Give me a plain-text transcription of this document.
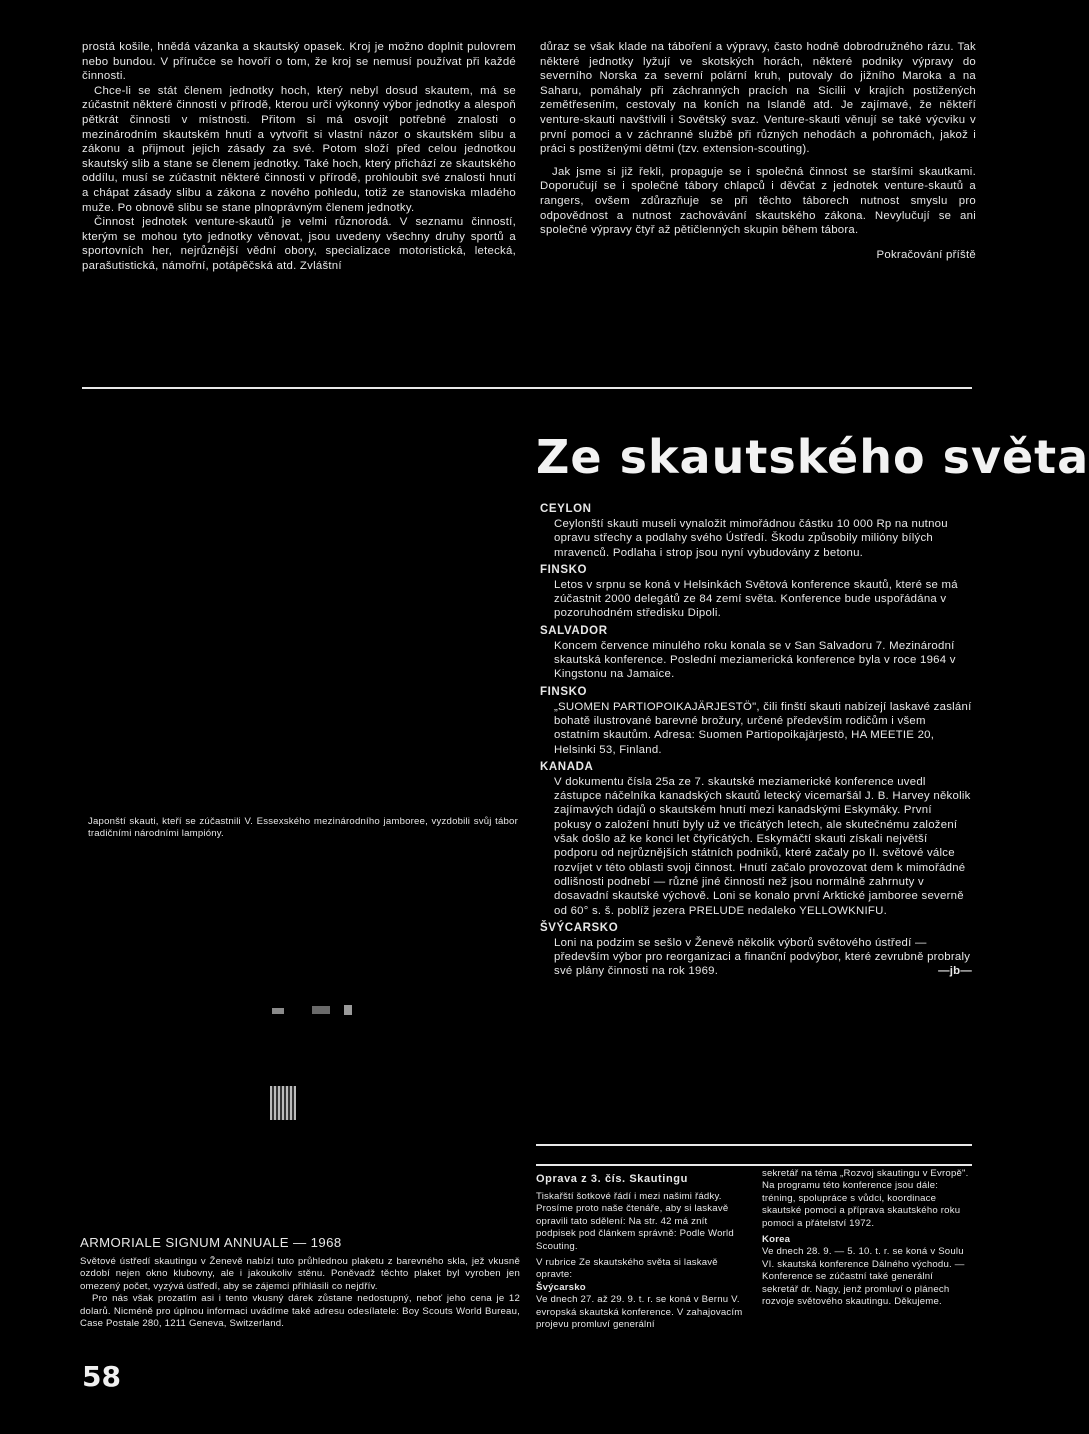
prostá košile, hnědá vázanka a skautský opasek. Kroj je možno doplnit pulovrem nebo bundou. V příručce se hovoří o tom, že kroj se nemusí používat při každé činnosti.

Chce-li se stát členem jednotky hoch, který nebyl dosud skautem, má se zúčastnit některé činnosti v přírodě, kterou určí výkonný výbor jednotky a alespoň pětkrát činnosti v místnosti. Přitom si má osvojit potřebné znalosti o mezinárodním skautském hnutí a vytvořit si vlastní názor o skautském slibu a zákonu a přijmout jejich zásady za své. Potom složí před celou jednotkou skautský slib a stane se členem jednotky. Také hoch, který přichází ze skautského oddílu, musí se zúčastnit některé činnosti v přírodě, prohloubit své znalosti hnutí a chápat zásady slibu a zákona z nového pohledu, totiž ze stanoviska mladého muže. Po obnově slibu se stane plnoprávným členem jednotky.

Činnost jednotek venture-skautů je velmi různorodá. V seznamu činností, kterým se mohou tyto jednotky věnovat, jsou uvedeny všechny druhy sportů a sportovních her, nejrůznější vědní obory, specializace motoristická, letecká, parašutistická, námořní, potápěčská atd. Zvláštní

důraz se však klade na táboření a výpravy, často hodně dobrodružného rázu. Tak některé jednotky lyžují ve skotských horách, některé podniky výpravy do severního Norska za severní polární kruh, putovaly do jižního Maroka a na Saharu, pomáhaly při záchranných pracích na Sicilii v krajích postižených zemětřesením, cestovaly na koních na Islandě atd. Je zajímavé, že někteří venture-skauti navštívili i Sovětský svaz. Venture-skauti věnují se také výcviku v první pomoci a v záchranné službě při různých nehodách a pohromách, jakož i práci s postiženými dětmi (tzv. extension-scouting).

Jak jsme si již řekli, propaguje se i společná činnost se staršími skautkami. Doporučují se i společné tábory chlapců i děvčat z jednotek venture-skautů a rangers, ovšem zdůrazňuje se při těchto táborech nutnost smyslu pro odpovědnost a nutnost zachovávání skautského zákona. Nevylučují se ani společné výpravy čtyř až pětičlenných skupin během tábora.

Pokračování příště

Ze skautského světa

Japonští skauti, kteří se zúčastnili V. Essexského mezinárodního jamboree, vyzdobili svůj tábor tradičními národními lampióny.

CEYLON

Ceylonští skauti museli vynaložit mimořádnou částku 10 000 Rp na nutnou opravu střechy a podlahy svého Ústředí. Škodu způsobily milióny bílých mravenců. Podlaha i strop jsou nyní vybudovány z betonu.

FINSKO

Letos v srpnu se koná v Helsinkách Světová konference skautů, které se má zúčastnit 2000 delegátů ze 84 zemí světa. Konference bude uspořádána v pozoruhodném středisku Dipoli.

SALVADOR

Koncem července minulého roku konala se v San Salvadoru 7. Mezinárodní skautská konference. Poslední meziamerická konference byla v roce 1964 v Kingstonu na Jamaice.

FINSKO

„SUOMEN PARTIOPOIKAJÄRJESTÖ", čili finští skauti nabízejí laskavé zaslání bohatě ilustrované barevné brožury, určené především rodičům i všem ostatním skautům. Adresa: Suomen Partiopoikajärjestö, HA MEETIE 20, Helsinki 53, Finland.

KANADA

V dokumentu čísla 25a ze 7. skautské meziamerické konference uvedl zástupce náčelníka kanadských skautů letecký vicemaršál J. B. Harvey několik zajímavých údajů o skautském hnutí mezi kanadskými Eskymáky. První pokusy o založení hnutí byly už ve třicátých letech, ale skutečnému založení však došlo až ke konci let čtyřicátých. Eskymáčtí skauti získali největší podporu od nejrůznějších státních podniků, které začaly po II. světové válce rozvíjet v této oblasti svoji činnost. Hnutí začalo provozovat dem k mimořádné odlišnosti podnebí — různé jiné činnosti než jsou normálně zahrnuty v dosavadní skautské výchově. Loni se konalo první Arktické jamboree severně od 60° s. š. poblíž jezera PRELUDE nedaleko YELLOWKNIFU.

ŠVÝCARSKO

Loni na podzim se sešlo v Ženevě několik výborů světového ústředí — především výbor pro reorganizaci a finanční podvýbor, které zevrubně probraly své plány činnosti na rok 1969.	—jb—

ARMORIALE SIGNUM ANNUALE — 1968

Světové ústředí skautingu v Ženevě nabízí tuto průhlednou plaketu z barevného skla, jež vkusně ozdobí nejen okno klubovny, ale i jakoukoliv stěnu. Poněvadž těchto plaket byl vyroben jen omezený počet, vyzývá ústředí, aby se zájemci přihlásili co nejdřív.

Pro nás však prozatím asi i tento vkusný dárek zůstane nedostupný, neboť jeho cena je 12 dolarů. Nicméně pro úplnou informaci uvádíme také adresu odesílatele: Boy Scouts World Bureau, Case Postale 280, 1211 Geneva, Switzerland.

58

Oprava z 3. čís. Skautingu

Tiskařští šotkové řádí i mezi našimi řádky. Prosíme proto naše čtenáře, aby si laskavě opravili tato sdělení: Na str. 42 má znít podpisek pod článkem správně: Podle World Scouting.

V rubrice Ze skautského světa si laskavě opravte:

Švýcarsko

Ve dnech 27. až 29. 9. t. r. se koná v Bernu V. evropská skautská konference. V zahajovacím projevu promluví generální

sekretář na téma „Rozvoj skautingu v Evropě". Na programu této konference jsou dále: tréning, spolupráce s vůdci, koordinace skautské pomoci a příprava skautského roku pomoci a přátelství 1972.

Korea

Ve dnech 28. 9. — 5. 10. t. r. se koná v Soulu VI. skautská konference Dálného východu. — Konference se zúčastní také generální sekretář dr. Nagy, jenž promluví o plánech rozvoje světového skautingu. Děkujeme.
